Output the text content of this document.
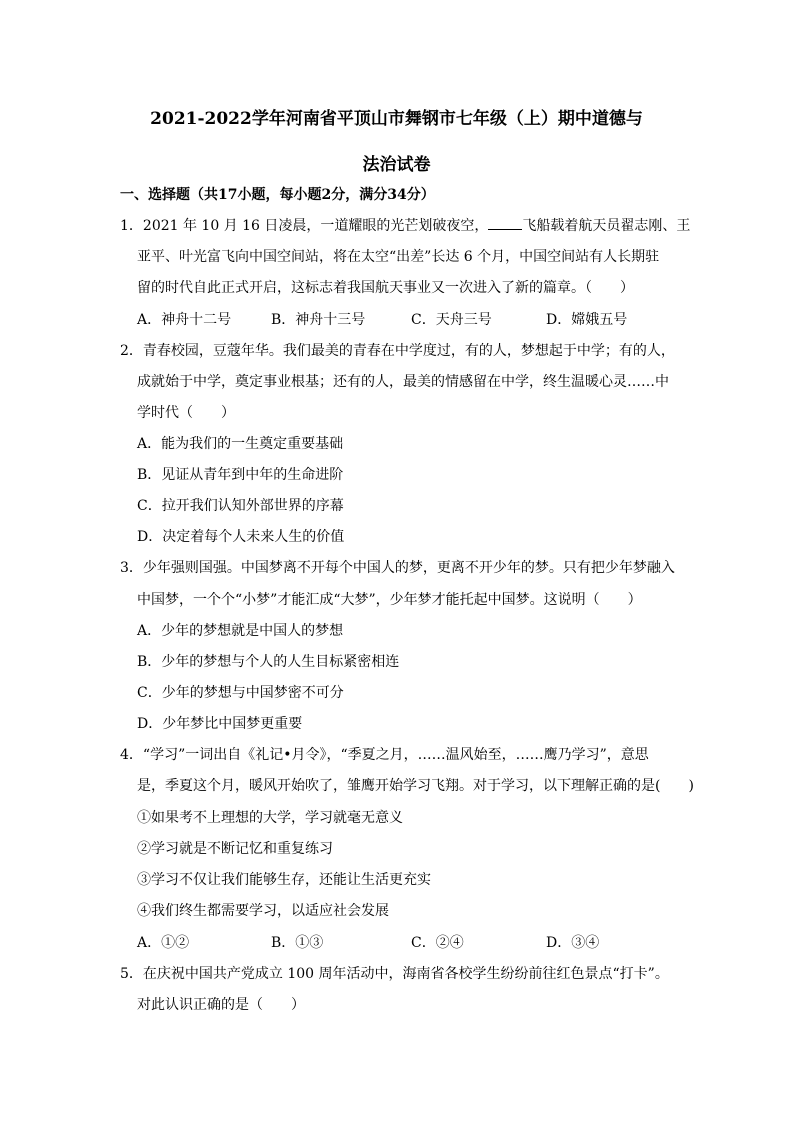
2021-2022学年河南省平顶山市舞钢市七年级（上）期中道德与
法治试卷
一、选择题（共17小题，每小题2分，满分34分）
1．2021 年 10 月 16 日凌晨，一道耀眼的光芒划破夜空， 飞船载着航天员翟志刚、王
亚平、叶光富飞向中国空间站，将在太空“出差”长达 6 个月，中国空间站有人长期驻
留的时代自此正式开启，这标志着我国航天事业又一次进入了新的篇章。（　　）
A．神舟十二号	B．神舟十三号	C．天舟三号	D．嫦娥五号
2．青春校园，豆蔻年华。我们最美的青春在中学度过，有的人，梦想起于中学；有的人，
成就始于中学，奠定事业根基；还有的人，最美的情感留在中学，终生温暖心灵……中
学时代（　　）
A．能为我们的一生奠定重要基础
B．见证从青年到中年的生命进阶
C．拉开我们认知外部世界的序幕
D．决定着每个人未来人生的价值
3．少年强则国强。中国梦离不开每个中国人的梦，更离不开少年的梦。只有把少年梦融入
中国梦，一个个“小梦”才能汇成“大梦”，少年梦才能托起中国梦。这说明（　　）
A．少年的梦想就是中国人的梦想
B．少年的梦想与个人的人生目标紧密相连
C．少年的梦想与中国梦密不可分
D．少年梦比中国梦更重要
4．“学习”一词出自《礼记•月令》，“季夏之月，……温风始至，……鹰乃学习”，意思
是，季夏这个月，暖风开始吹了，雏鹰开始学习飞翔。对于学习，以下理解正确的是(　　)
①如果考不上理想的大学，学习就毫无意义
②学习就是不断记忆和重复练习
③学习不仅让我们能够生存，还能让生活更充实
④我们终生都需要学习，以适应社会发展
A．①②	B．①③	C．②④	D．③④
5．在庆祝中国共产党成立 100 周年活动中，海南省各校学生纷纷前往红色景点“打卡”。
对此认识正确的是（　　）
